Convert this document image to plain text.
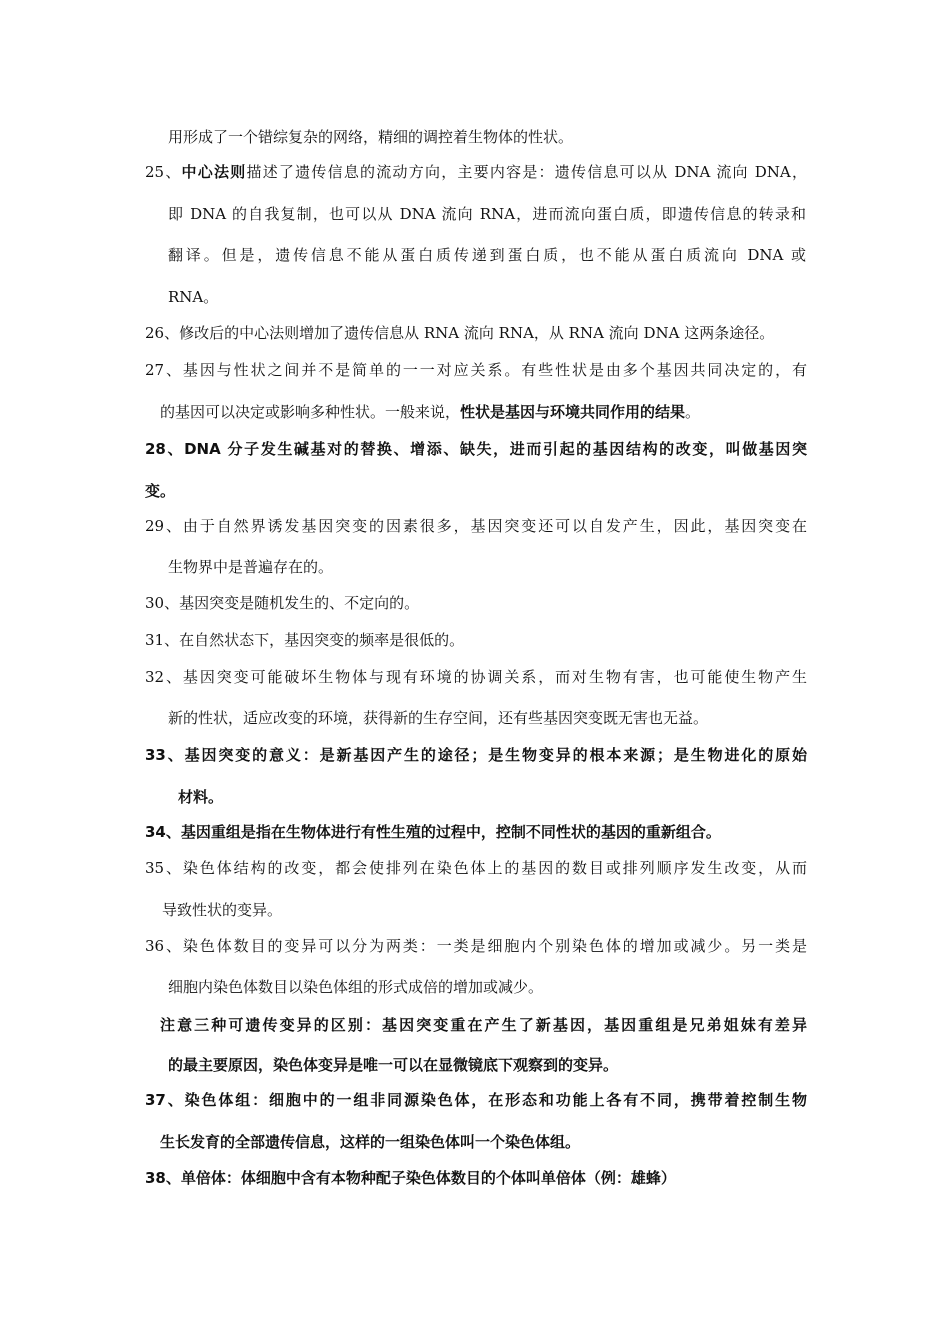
用形成了一个错综复杂的网络，精细的调控着生物体的性状。
25、中心法则描述了遗传信息的流动方向，主要内容是：遗传信息可以从 DNA 流向 DNA，
即 DNA 的自我复制，也可以从 DNA 流向 RNA，进而流向蛋白质，即遗传信息的转录和
翻译。但是，遗传信息不能从蛋白质传递到蛋白质，也不能从蛋白质流向 DNA 或
RNA。
26、修改后的中心法则增加了遗传信息从 RNA 流向 RNA，从 RNA 流向 DNA 这两条途径。
27、基因与性状之间并不是简单的一一对应关系。有些性状是由多个基因共同决定的，有
的基因可以决定或影响多种性状。一般来说，性状是基因与环境共同作用的结果。
28、DNA 分子发生碱基对的替换、增添、缺失，进而引起的基因结构的改变，叫做基因突
变。
29、由于自然界诱发基因突变的因素很多，基因突变还可以自发产生，因此，基因突变在
生物界中是普遍存在的。
30、基因突变是随机发生的、不定向的。
31、在自然状态下，基因突变的频率是很低的。
32、基因突变可能破坏生物体与现有环境的协调关系，而对生物有害，也可能使生物产生
新的性状，适应改变的环境，获得新的生存空间，还有些基因突变既无害也无益。
33、基因突变的意义：是新基因产生的途径；是生物变异的根本来源；是生物进化的原始
材料。
34、基因重组是指在生物体进行有性生殖的过程中，控制不同性状的基因的重新组合。
35、染色体结构的改变，都会使排列在染色体上的基因的数目或排列顺序发生改变，从而
导致性状的变异。
36、染色体数目的变异可以分为两类：一类是细胞内个别染色体的增加或减少。另一类是
细胞内染色体数目以染色体组的形式成倍的增加或减少。
注意三种可遗传变异的区别：基因突变重在产生了新基因，基因重组是兄弟姐妹有差异
的最主要原因，染色体变异是唯一可以在显微镜底下观察到的变异。
37、染色体组：细胞中的一组非同源染色体，在形态和功能上各有不同，携带着控制生物
生长发育的全部遗传信息，这样的一组染色体叫一个染色体组。
38、单倍体：体细胞中含有本物种配子染色体数目的个体叫单倍体（例：雄蜂）
